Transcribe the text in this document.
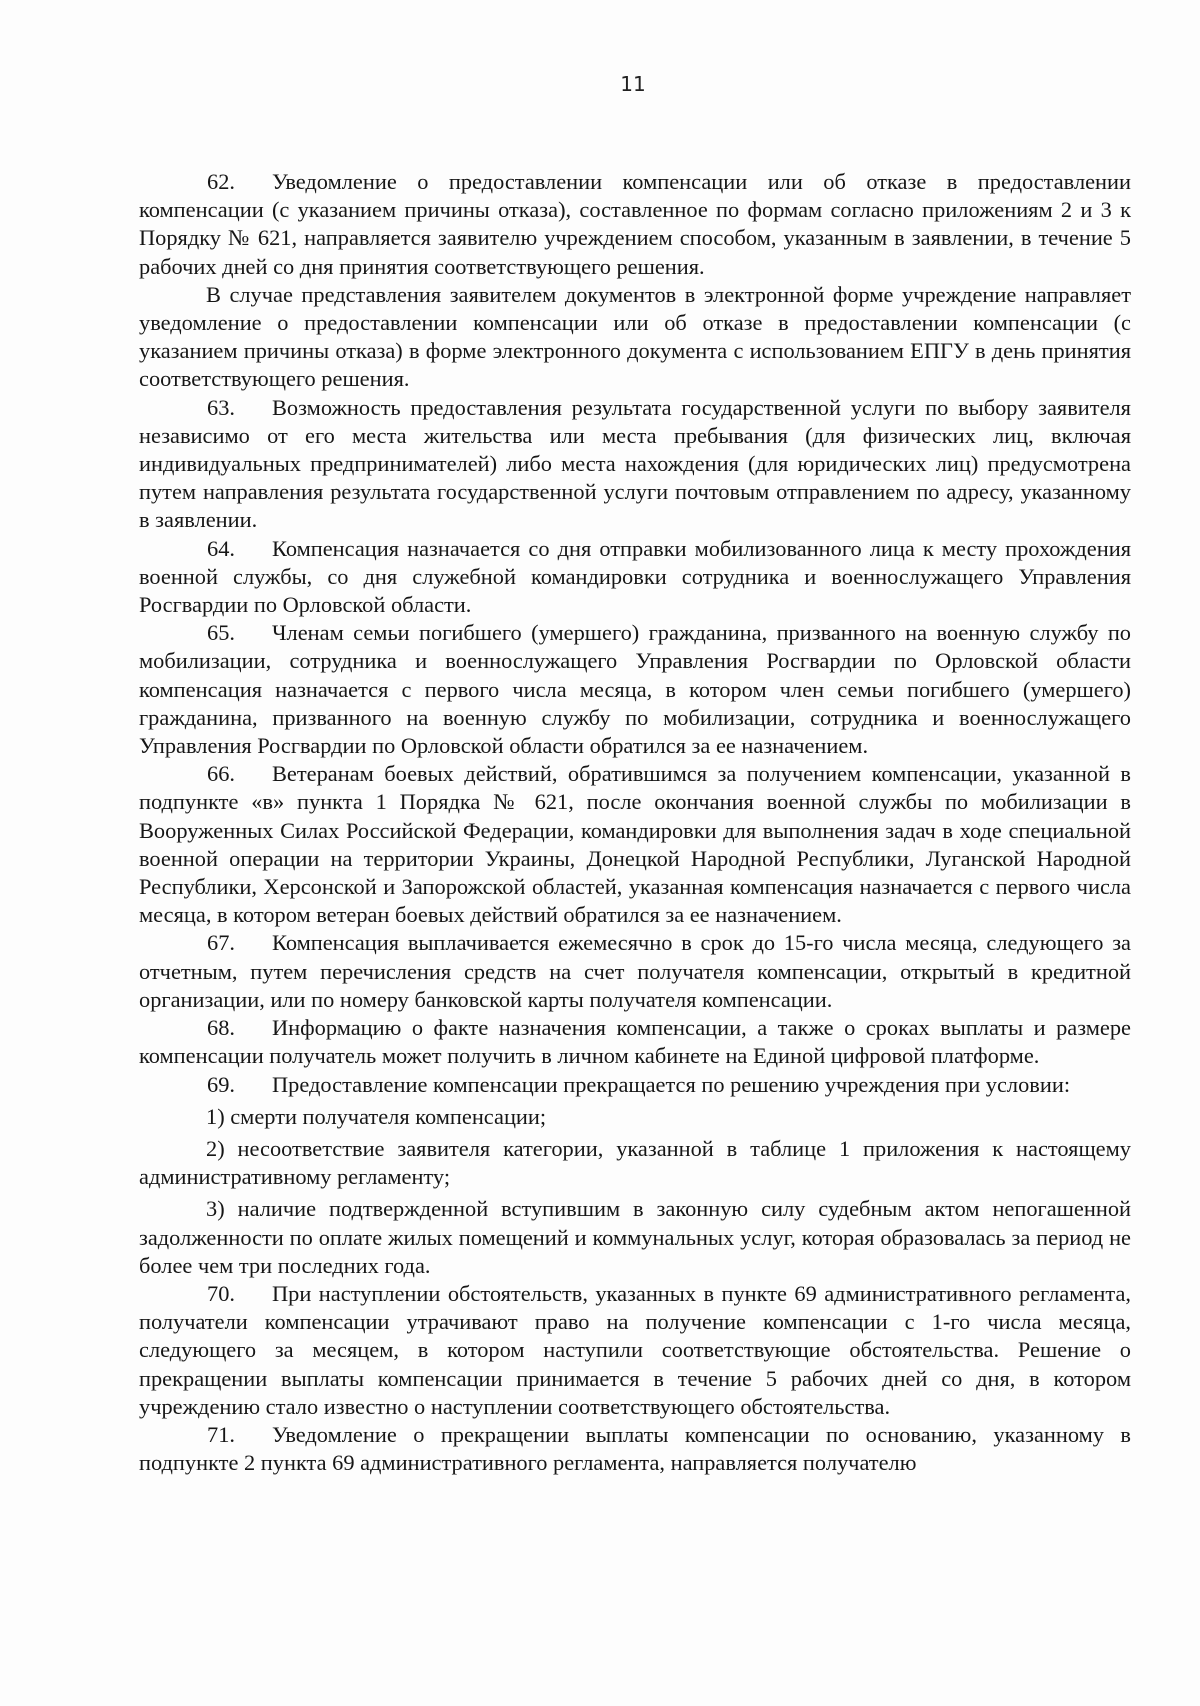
11

62. Уведомление о предоставлении компенсации или об отказе в предоставлении компенсации (с указанием причины отказа), составленное по формам согласно приложениям 2 и 3 к Порядку № 621, направляется заявителю учреждением способом, указанным в заявлении, в течение 5 рабочих дней со дня принятия соответствующего решения.

В случае представления заявителем документов в электронной форме учреждение направляет уведомление о предоставлении компенсации или об отказе в предоставлении компенсации (с указанием причины отказа) в форме электронного документа с использованием ЕПГУ в день принятия соответствующего решения.

63. Возможность предоставления результата государственной услуги по выбору заявителя независимо от его места жительства или места пребывания (для физических лиц, включая индивидуальных предпринимателей) либо места нахождения (для юридических лиц) предусмотрена путем направления результата государственной услуги почтовым отправлением по адресу, указанному в заявлении.

64. Компенсация назначается со дня отправки мобилизованного лица к месту прохождения военной службы, со дня служебной командировки сотрудника и военнослужащего Управления Росгвардии по Орловской области.

65. Членам семьи погибшего (умершего) гражданина, призванного на военную службу по мобилизации, сотрудника и военнослужащего Управления Росгвардии по Орловской области компенсация назначается с первого числа месяца, в котором член семьи погибшего (умершего) гражданина, призванного на военную службу по мобилизации, сотрудника и военнослужащего Управления Росгвардии по Орловской области обратился за ее назначением.

66. Ветеранам боевых действий, обратившимся за получением компенсации, указанной в подпункте «в» пункта 1 Порядка № 621, после окончания военной службы по мобилизации в Вооруженных Силах Российской Федерации, командировки для выполнения задач в ходе специальной военной операции на территории Украины, Донецкой Народной Республики, Луганской Народной Республики, Херсонской и Запорожской областей, указанная компенсация назначается с первого числа месяца, в котором ветеран боевых действий обратился за ее назначением.

67. Компенсация выплачивается ежемесячно в срок до 15-го числа месяца, следующего за отчетным, путем перечисления средств на счет получателя компенсации, открытый в кредитной организации, или по номеру банковской карты получателя компенсации.

68. Информацию о факте назначения компенсации, а также о сроках выплаты и размере компенсации получатель может получить в личном кабинете на Единой цифровой платформе.

69. Предоставление компенсации прекращается по решению учреждения при условии:

1) смерти получателя компенсации;

2) несоответствие заявителя категории, указанной в таблице 1 приложения к настоящему административному регламенту;

3) наличие подтвержденной вступившим в законную силу судебным актом непогашенной задолженности по оплате жилых помещений и коммунальных услуг, которая образовалась за период не более чем три последних года.

70. При наступлении обстоятельств, указанных в пункте 69 административного регламента, получатели компенсации утрачивают право на получение компенсации с 1-го числа месяца, следующего за месяцем, в котором наступили соответствующие обстоятельства. Решение о прекращении выплаты компенсации принимается в течение 5 рабочих дней со дня, в котором учреждению стало известно о наступлении соответствующего обстоятельства.

71. Уведомление о прекращении выплаты компенсации по основанию, указанному в подпункте 2 пункта 69 административного регламента, направляется получателю
